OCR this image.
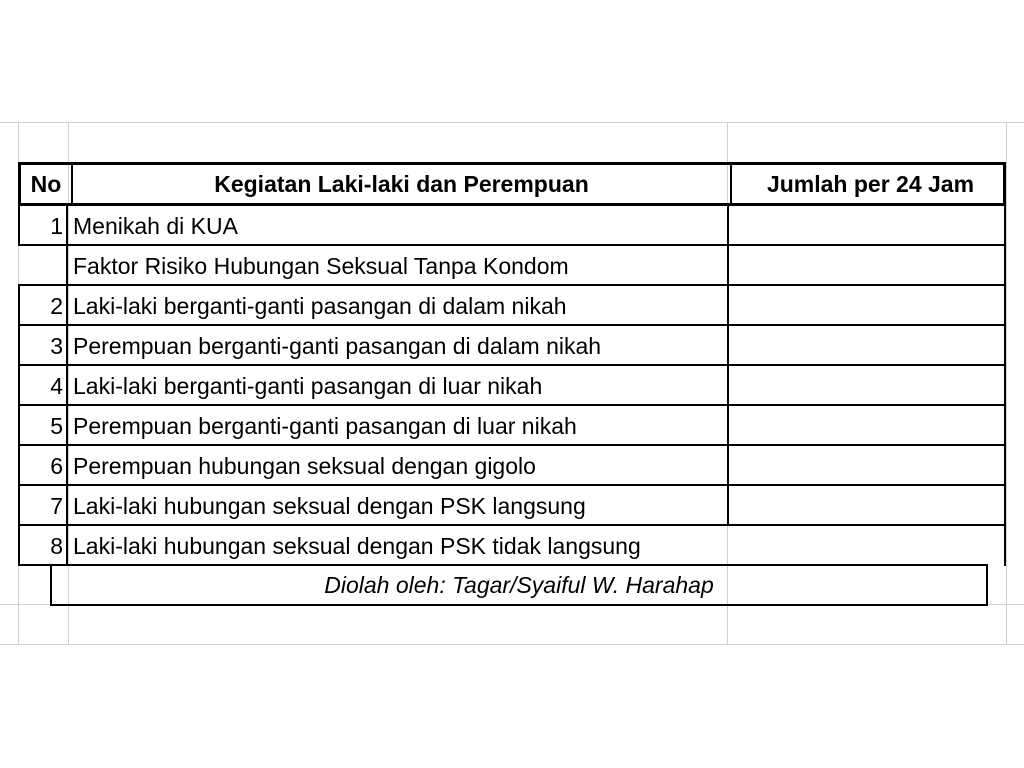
No	Kegiatan Laki-laki dan Perempuan	Jumlah per 24 Jam
1 Menikah di KUA
Faktor Risiko Hubungan Seksual Tanpa Kondom
2 Laki-laki berganti-ganti pasangan di dalam nikah
3 Perempuan berganti-ganti pasangan di dalam nikah
4 Laki-laki berganti-ganti pasangan di luar nikah
5 Perempuan berganti-ganti pasangan di luar nikah
6 Perempuan hubungan seksual dengan gigolo
7 Laki-laki hubungan seksual dengan PSK langsung
8 Laki-laki hubungan seksual dengan PSK tidak langsung
Diolah oleh: Tagar/Syaiful W. Harahap
